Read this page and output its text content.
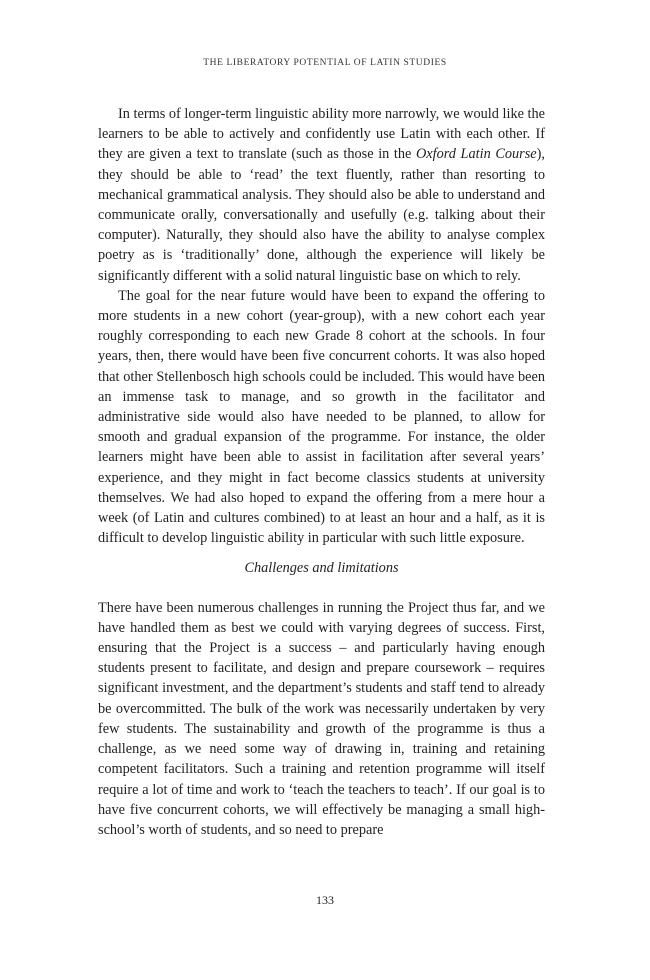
THE LIBERATORY POTENTIAL OF LATIN STUDIES

In terms of longer-term linguistic ability more narrowly, we would like the learners to be able to actively and confidently use Latin with each other. If they are given a text to translate (such as those in the Oxford Latin Course), they should be able to ‘read’ the text fluently, rather than resorting to mechanical grammatical analysis. They should also be able to understand and communicate orally, conversationally and usefully (e.g. talking about their computer). Naturally, they should also have the ability to analyse complex poetry as is ‘traditionally’ done, although the experience will likely be significantly different with a solid natural linguistic base on which to rely.

The goal for the near future would have been to expand the offering to more students in a new cohort (year-group), with a new cohort each year roughly corresponding to each new Grade 8 cohort at the schools. In four years, then, there would have been five concurrent cohorts. It was also hoped that other Stellenbosch high schools could be included. This would have been an immense task to manage, and so growth in the facilitator and administrative side would also have needed to be planned, to allow for smooth and gradual expansion of the programme. For instance, the older learners might have been able to assist in facilitation after several years’ experience, and they might in fact become classics students at university themselves. We had also hoped to expand the offering from a mere hour a week (of Latin and cultures combined) to at least an hour and a half, as it is difficult to develop linguistic ability in particular with such little exposure.

Challenges and limitations

There have been numerous challenges in running the Project thus far, and we have handled them as best we could with varying degrees of success. First, ensuring that the Project is a success – and particularly having enough students present to facilitate, and design and prepare coursework – requires significant investment, and the department’s students and staff tend to already be overcommitted. The bulk of the work was necessarily undertaken by very few students. The sustainability and growth of the programme is thus a challenge, as we need some way of drawing in, training and retaining competent facilitators. Such a training and retention programme will itself require a lot of time and work to ‘teach the teachers to teach’. If our goal is to have five concurrent cohorts, we will effectively be managing a small high-school’s worth of students, and so need to prepare

133
